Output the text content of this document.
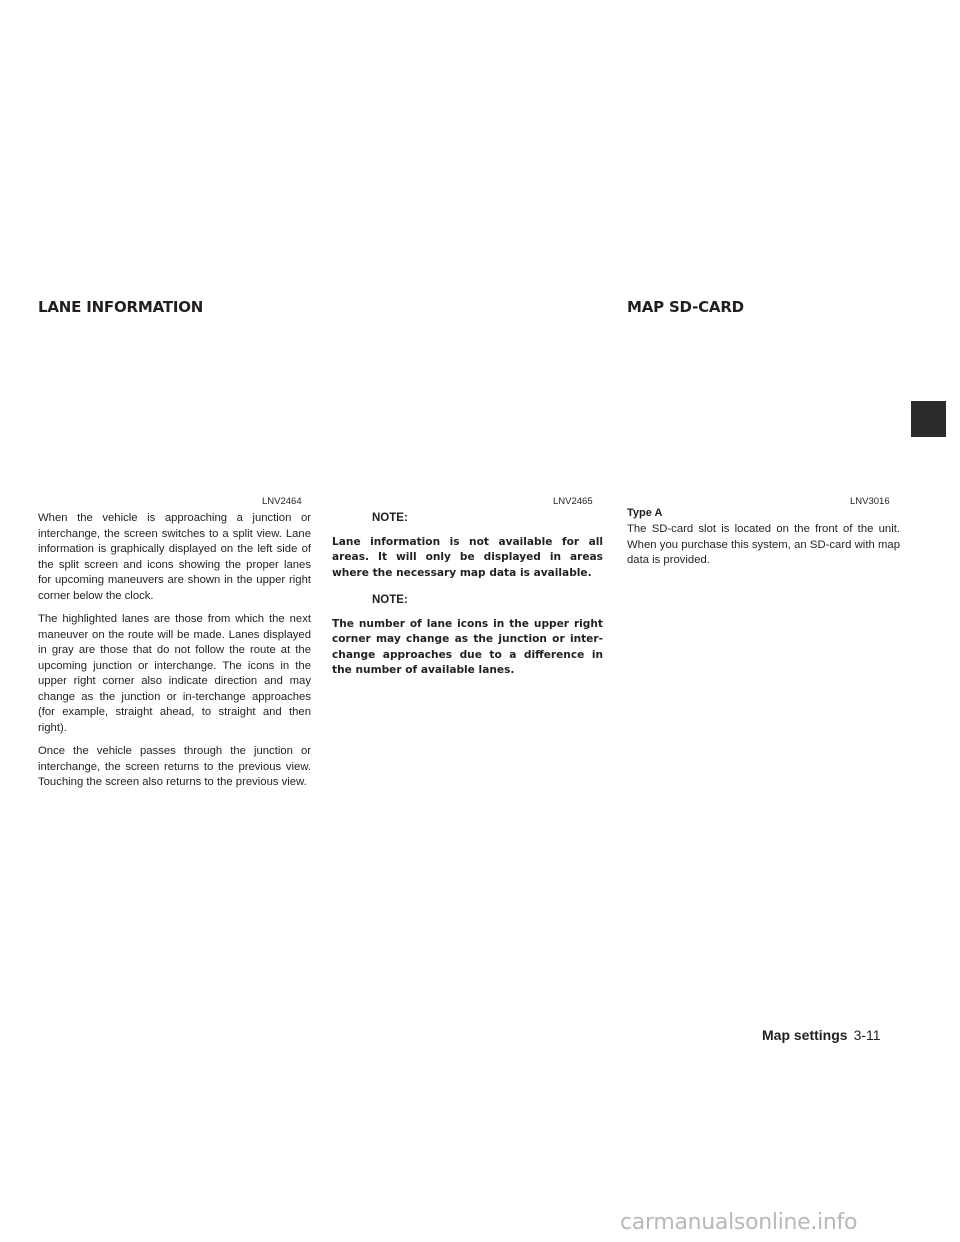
LANE INFORMATION	MAP SD-CARD
LNV2464	LNV2465	LNV3016
Type A

When the vehicle is approaching a junction or interchange, the screen switches to a split view. Lane information is graphically displayed on the left side of the split screen and icons showing the proper lanes for upcoming maneuvers are shown in the upper right corner below the clock.

The highlighted lanes are those from which the next maneuver on the route will be made. Lanes displayed in gray are those that do not follow the route at the upcoming junction or interchange. The icons in the upper right corner also indicate direction and may change as the junction or in-terchange approaches (for example, straight ahead, to straight and then right).

Once the vehicle passes through the junction or interchange, the screen returns to the previous view. Touching the screen also returns to the previous view.

NOTE:

Lane information is not available for all areas. It will only be displayed in areas where the necessary map data is available.

NOTE:

The number of lane icons in the upper right corner may change as the junction or inter-change approaches due to a difference in the number of available lanes.

The SD-card slot is located on the front of the unit. When you purchase this system, an SD-card with map data is provided.

Map settings 3-11
carmanualsonline.info
